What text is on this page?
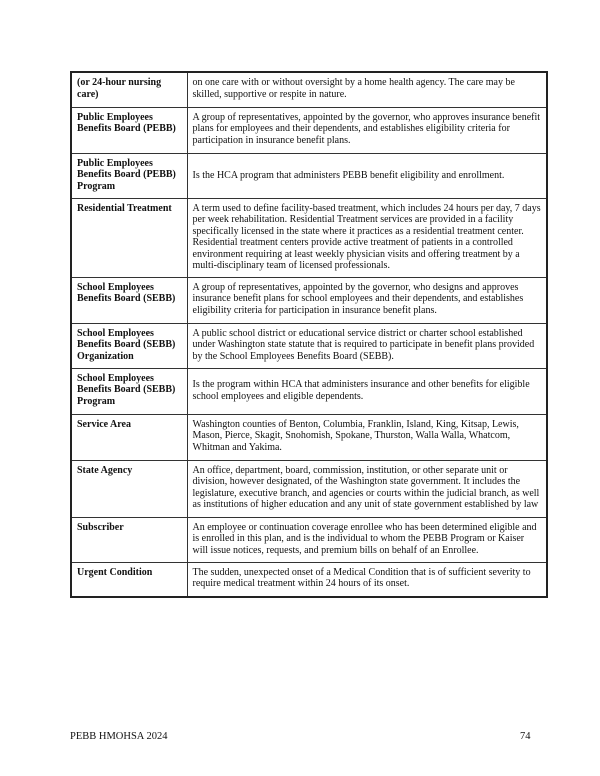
(or 24-hour nursing care)	on one care with or without oversight by a home health agency. The care may be skilled, supportive or respite in nature.
Public Employees Benefits Board (PEBB)	A group of representatives, appointed by the governor, who approves insurance benefit plans for employees and their dependents, and establishes eligibility criteria for participation in insurance benefit plans.
Public Employees Benefits Board (PEBB) Program	Is the HCA program that administers PEBB benefit eligibility and enrollment.
Residential Treatment	A term used to define facility-based treatment, which includes 24 hours per day, 7 days per week rehabilitation. Residential Treatment services are provided in a facility specifically licensed in the state where it practices as a residential treatment center. Residential treatment centers provide active treatment of patients in a controlled environment requiring at least weekly physician visits and offering treatment by a multi-disciplinary team of licensed professionals.
School Employees Benefits Board (SEBB)	A group of representatives, appointed by the governor, who designs and approves insurance benefit plans for school employees and their dependents, and establishes eligibility criteria for participation in insurance benefit plans.
School Employees Benefits Board (SEBB) Organization	A public school district or educational service district or charter school established under Washington state statute that is required to participate in benefit plans provided by the School Employees Benefits Board (SEBB).
School Employees Benefits Board (SEBB) Program	Is the program within HCA that administers insurance and other benefits for eligible school employees and eligible dependents.
Service Area	Washington counties of Benton, Columbia, Franklin, Island, King, Kitsap, Lewis, Mason, Pierce, Skagit, Snohomish, Spokane, Thurston, Walla Walla, Whatcom, Whitman and Yakima.
State Agency	An office, department, board, commission, institution, or other separate unit or division, however designated, of the Washington state government. It includes the legislature, executive branch, and agencies or courts within the judicial branch, as well as institutions of higher education and any unit of state government established by law
Subscriber	An employee or continuation coverage enrollee who has been determined eligible and is enrolled in this plan, and is the individual to whom the PEBB Program or Kaiser will issue notices, requests, and premium bills on behalf of an Enrollee.
Urgent Condition	The sudden, unexpected onset of a Medical Condition that is of sufficient severity to require medical treatment within 24 hours of its onset.
PEBB HMOHSA 2024	74
